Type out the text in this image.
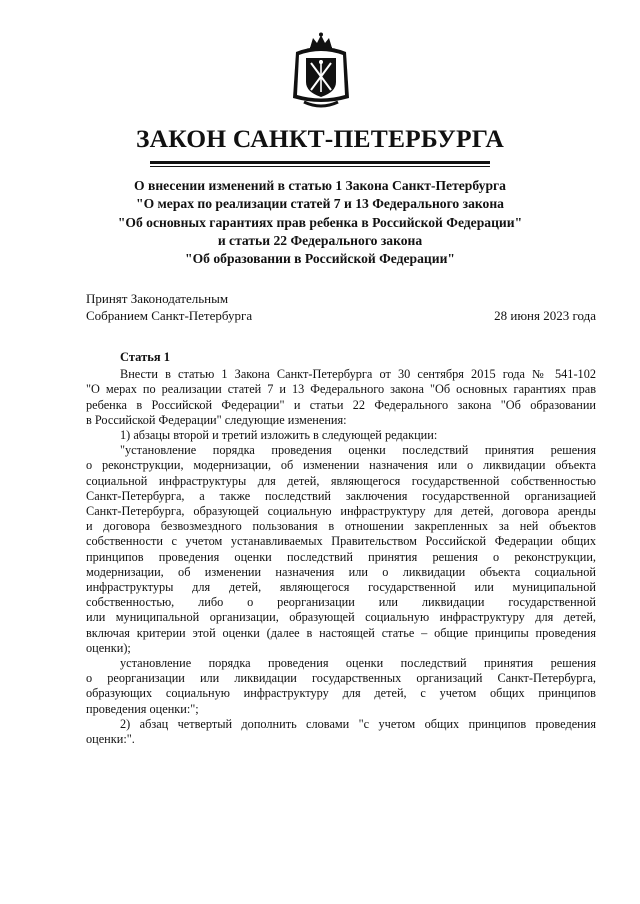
ЗАКОН САНКТ-ПЕТЕРБУРГА
О внесении изменений в статью 1 Закона Санкт-Петербурга
"О мерах по реализации статей 7 и 13 Федерального закона
"Об основных гарантиях прав ребенка в Российской Федерации"
и статьи 22 Федерального закона
"Об образовании в Российской Федерации"
Принят Законодательным
Собранием Санкт-Петербурга	28 июня 2023 года
Статья 1
Внести в статью 1 Закона Санкт-Петербурга от 30 сентября 2015 года № 541-102
"О мерах по реализации статей 7 и 13 Федерального закона "Об основных гарантиях прав
ребенка в Российской Федерации" и статьи 22 Федерального закона "Об образовании
в Российской Федерации" следующие изменения:
1) абзацы второй и третий изложить в следующей редакции:
"установление порядка проведения оценки последствий принятия решения
о реконструкции, модернизации, об изменении назначения или о ликвидации объекта
социальной инфраструктуры для детей, являющегося государственной собственностью
Санкт-Петербурга, а также последствий заключения государственной организацией
Санкт-Петербурга, образующей социальную инфраструктуру для детей, договора аренды
и договора безвозмездного пользования в отношении закрепленных за ней объектов
собственности с учетом устанавливаемых Правительством Российской Федерации общих
принципов проведения оценки последствий принятия решения о реконструкции,
модернизации, об изменении назначения или о ликвидации объекта социальной
инфраструктуры для детей, являющегося государственной или муниципальной
собственностью, либо о реорганизации или ликвидации государственной
или муниципальной организации, образующей социальную инфраструктуру для детей,
включая критерии этой оценки (далее в настоящей статье – общие принципы проведения
оценки);
установление порядка проведения оценки последствий принятия решения
о реорганизации или ликвидации государственных организаций Санкт-Петербурга,
образующих социальную инфраструктуру для детей, с учетом общих принципов
проведения оценки:";
2) абзац четвертый дополнить словами "с учетом общих принципов проведения
оценки:".
